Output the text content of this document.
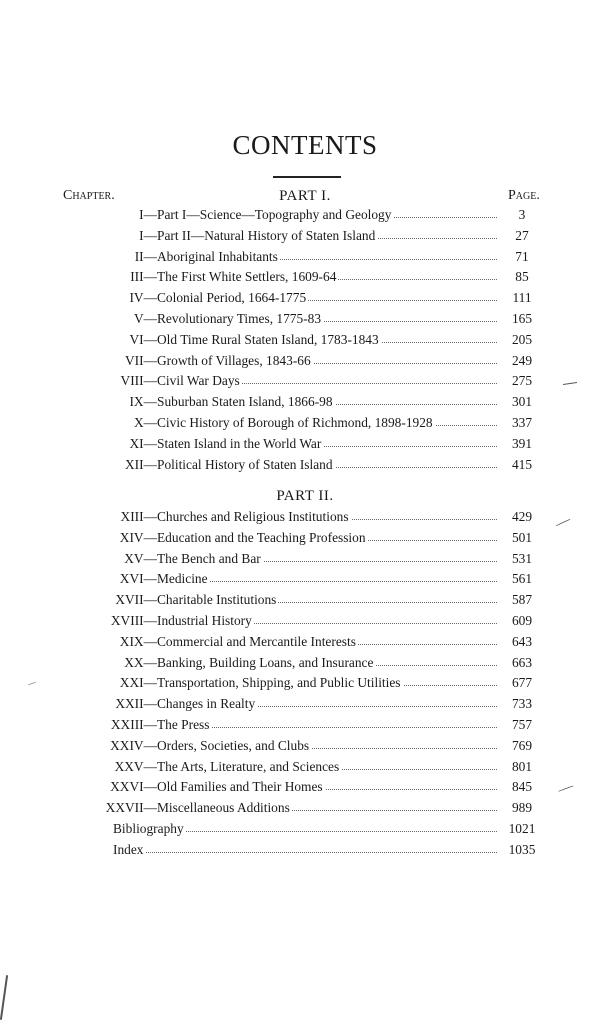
CONTENTS
Chapter.	Page.
PART I.
I— Part I—Science—Topography and Geology	3
I— Part II—Natural History of Staten Island	27
II— Aboriginal Inhabitants	71
III— The First White Settlers, 1609-64	85
IV— Colonial Period, 1664-1775	111
V— Revolutionary Times, 1775-83	165
VI— Old Time Rural Staten Island, 1783-1843	205
VII— Growth of Villages, 1843-66	249
VIII— Civil War Days	275
IX— Suburban Staten Island, 1866-98	301
X— Civic History of Borough of Richmond, 1898-1928	337
XI— Staten Island in the World War	391
XII— Political History of Staten Island	415
PART II.
XIII— Churches and Religious Institutions	429
XIV— Education and the Teaching Profession	501
XV— The Bench and Bar	531
XVI— Medicine	561
XVII— Charitable Institutions	587
XVIII— Industrial History	609
XIX— Commercial and Mercantile Interests	643
XX— Banking, Building Loans, and Insurance	663
XXI— Transportation, Shipping, and Public Utilities	677
XXII— Changes in Realty	733
XXIII— The Press	757
XXIV— Orders, Societies, and Clubs	769
XXV— The Arts, Literature, and Sciences	801
XXVI— Old Families and Their Homes	845
XXVII— Miscellaneous Additions	989
Bibliography	1021
Index	1035
